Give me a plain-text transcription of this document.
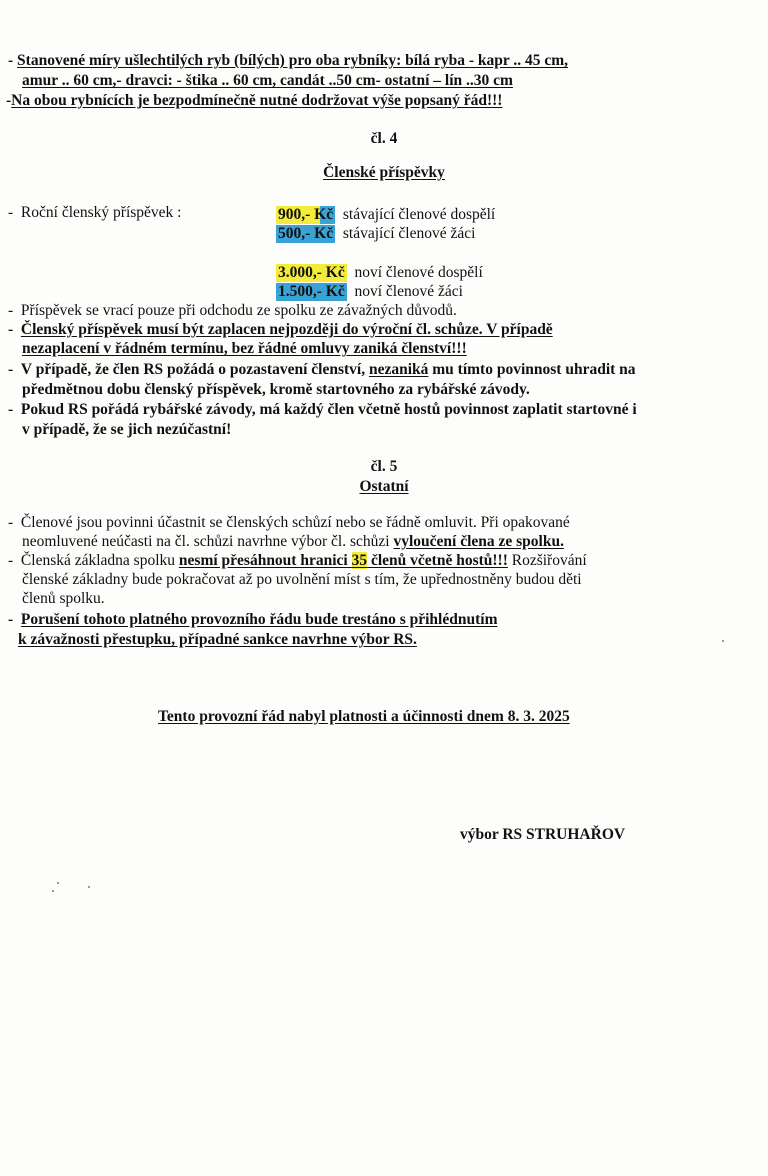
- Stanovené míry ušlechtilých ryb (bílých) pro oba rybníky: bílá ryba - kapr .. 45 cm,
amur .. 60 cm,- dravci: - štika .. 60 cm, candát ..50 cm- ostatní – lín ..30 cm
-Na obou rybnících je bezpodmínečně nutné dodržovat výše popsaný řád!!!
čl. 4
Členské příspěvky
- Roční členský příspěvek :	900,- Kč stávající členové dospělí
500,- Kč stávající členové žáci
3.000,- Kč noví členové dospělí
1.500,- Kč noví členové žáci
- Příspěvek se vrací pouze při odchodu ze spolku ze závažných důvodů.
- Členský příspěvek musí být zaplacen nejpozději do výroční čl. schůze. V případě
nezaplacení v řádném termínu, bez řádné omluvy zaniká členství!!!
- V případě, že člen RS požádá o pozastavení členství, nezaniká mu tímto povinnost uhradit na
předmětnou dobu členský příspěvek, kromě startovného za rybářské závody.
- Pokud RS pořádá rybářské závody, má každý člen včetně hostů povinnost zaplatit startovné i
v případě, že se jich nezúčastní!
čl. 5
Ostatní
- Členové jsou povinni účastnit se členských schůzí nebo se řádně omluvit. Při opakované
neomluvené neúčasti na čl. schůzi navrhne výbor čl. schůzi vyloučení člena ze spolku.
- Členská základna spolku nesmí přesáhnout hranici 35 členů včetně hostů!!! Rozšiřování
členské základny bude pokračovat až po uvolnění míst s tím, že upřednostněny budou děti
členů spolku.
- Porušení tohoto platného provozního řádu bude trestáno s přihlédnutím
k závažnosti přestupku, případné sankce navrhne výbor RS.
Tento provozní řád nabyl platnosti a účinnosti dnem 8. 3. 2025
výbor RS STRUHAŘOV
